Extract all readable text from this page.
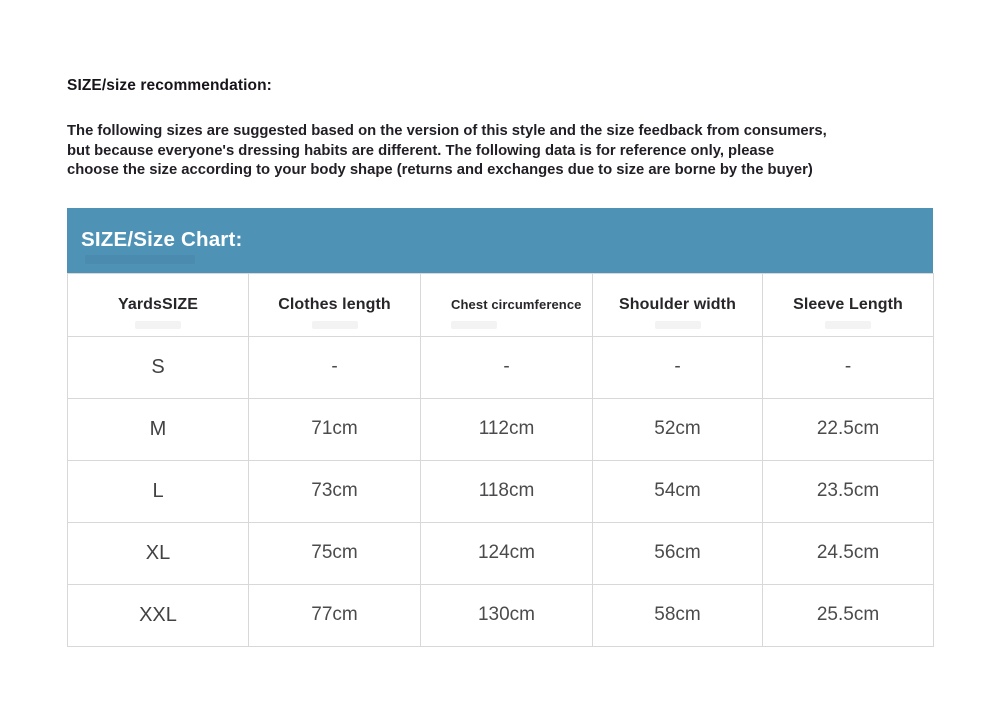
SIZE/size recommendation:
The following sizes are suggested based on the version of this style and the size feedback from consumers,
but because everyone's dressing habits are different. The following data is for reference only, please
choose the size according to your body shape (returns and exchanges due to size are borne by the buyer)
SIZE/Size Chart:
YardsSIZE	Clothes length	Chest circumference	Shoulder width	Sleeve Length
S	-	-	-	-
M	71cm	112cm	52cm	22.5cm
L	73cm	118cm	54cm	23.5cm
XL	75cm	124cm	56cm	24.5cm
XXL	77cm	130cm	58cm	25.5cm
